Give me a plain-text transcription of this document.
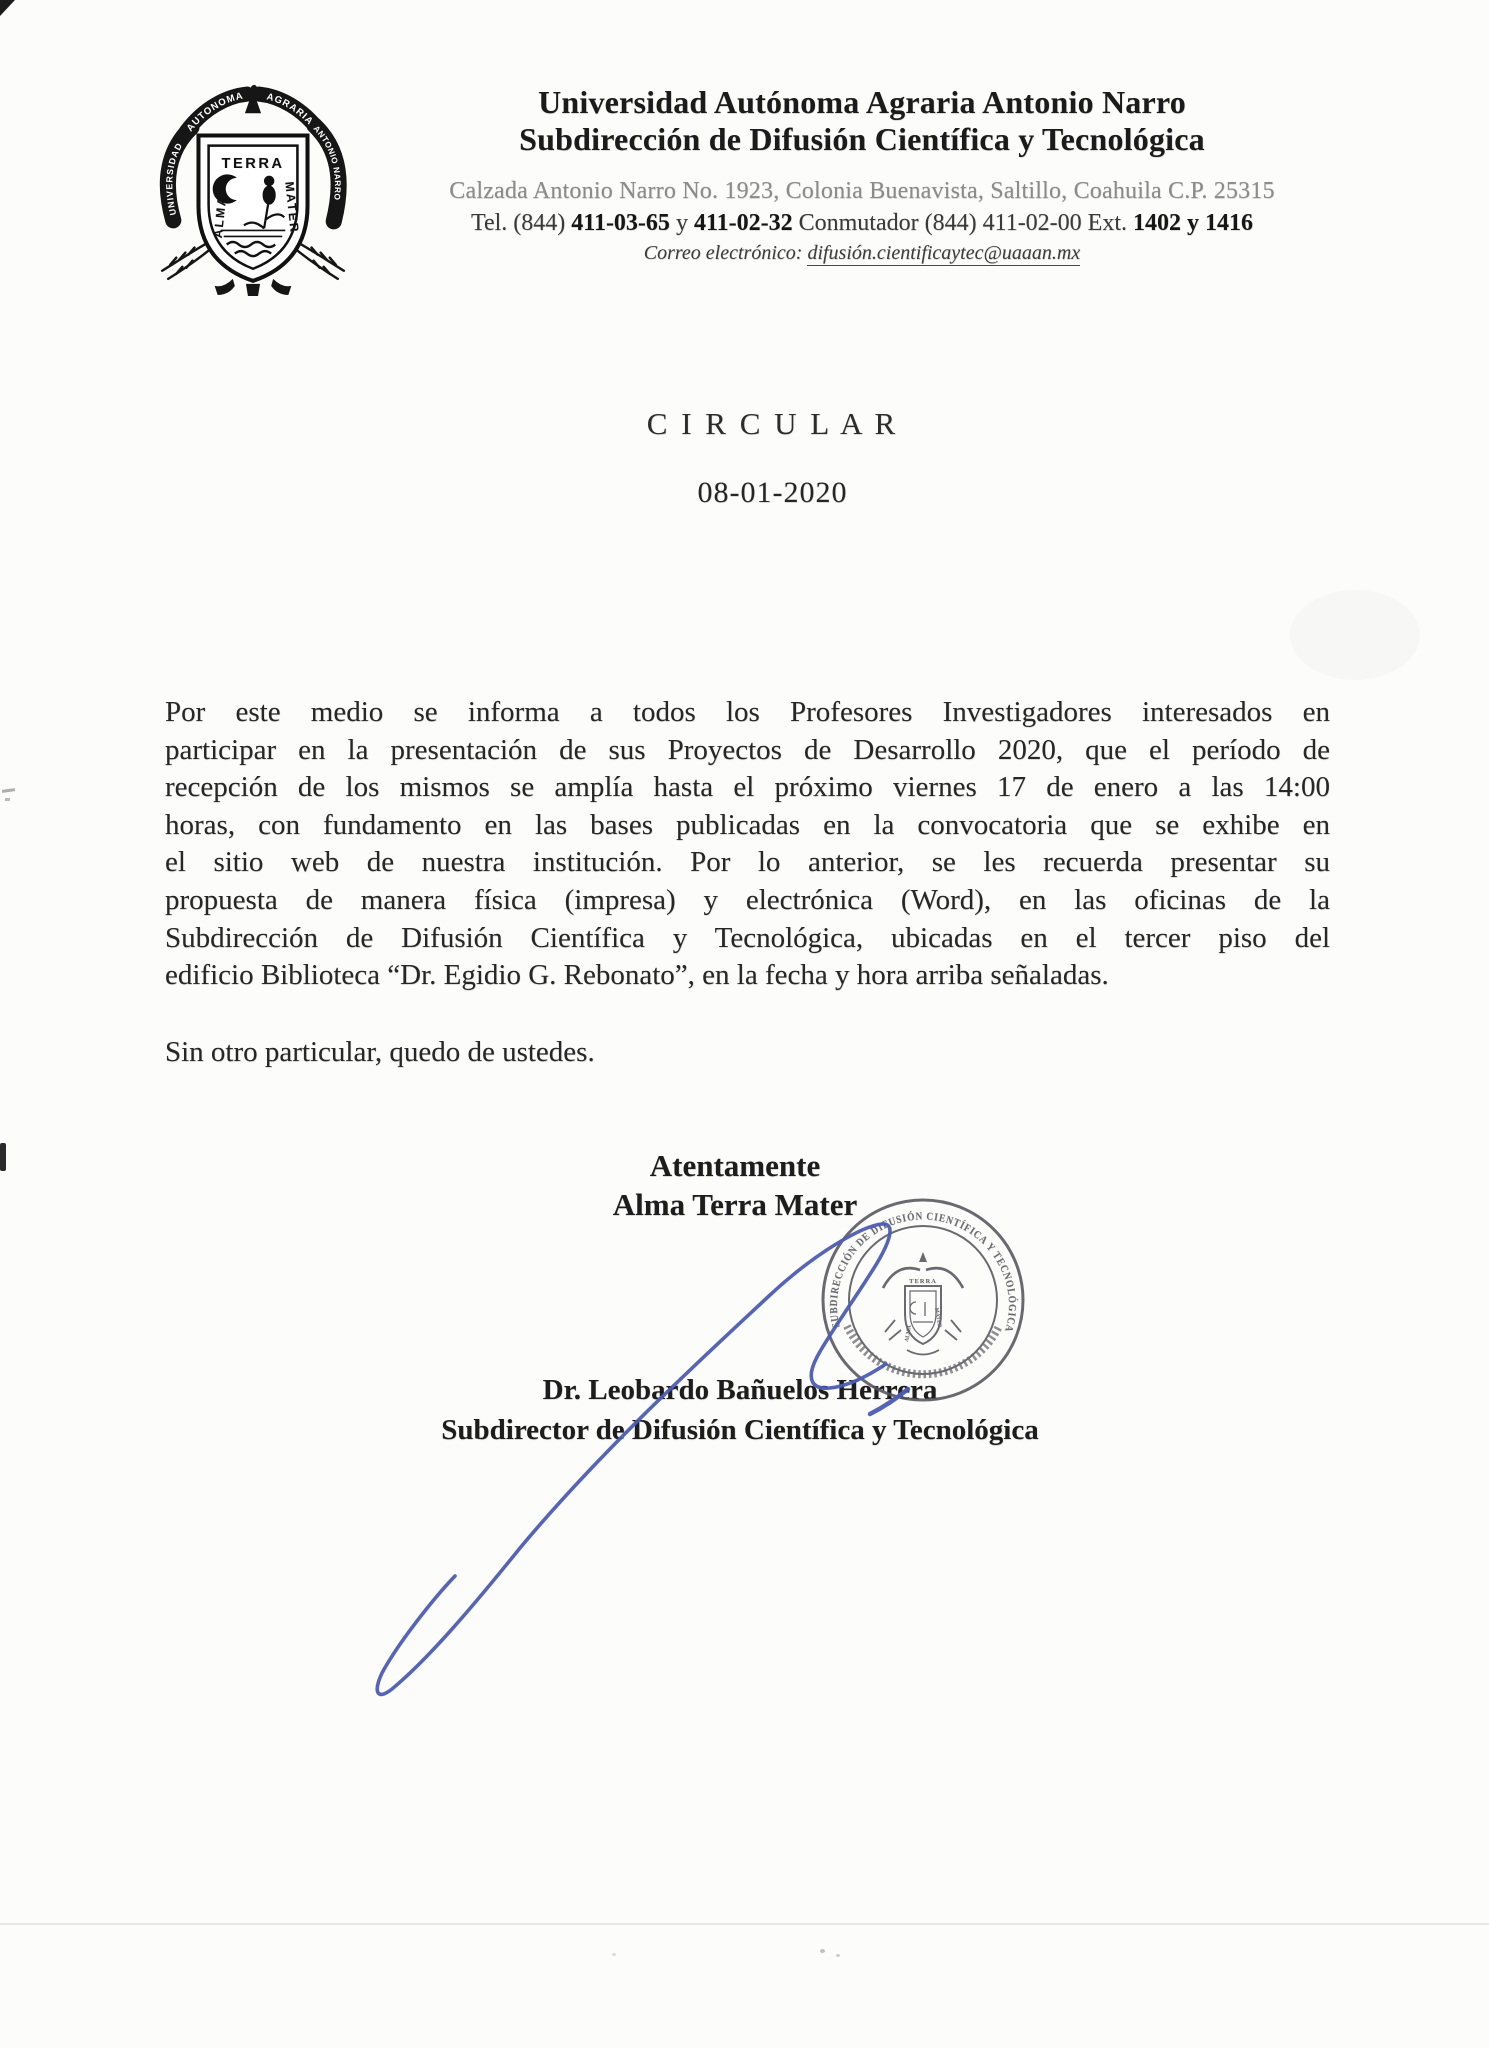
TERRA
ALMA	MATER
AUTONOMA AGRARIA
UNIVERSIDAD
ANTONIO NARRO
Universidad Autónoma Agraria Antonio Narro
Subdirección de Difusión Científica y Tecnológica
Calzada Antonio Narro No. 1923, Colonia Buenavista, Saltillo, Coahuila C.P. 25315
Tel. (844) 411-03-65 y 411-02-32 Conmutador (844) 411-02-00 Ext. 1402 y 1416
Correo electrónico: difusión.cientificaytec@uaaan.mx
C I R C U L A R
08-01-2020
Por este medio se informa a todos los Profesores Investigadores interesados en
participar en la presentación de sus Proyectos de Desarrollo 2020, que el período de
recepción de los mismos se amplía hasta el próximo viernes 17 de enero a las 14:00
horas, con fundamento en las bases publicadas en la convocatoria que se exhibe en
el sitio web de nuestra institución. Por lo anterior, se les recuerda presentar su
propuesta de manera física (impresa) y electrónica (Word), en las oficinas de la
Subdirección de Difusión Científica y Tecnológica, ubicadas en el tercer piso del
edificio Biblioteca “Dr. Egidio G. Rebonato”, en la fecha y hora arriba señaladas.
Sin otro particular, quedo de ustedes.
Atentamente
Alma Terra Mater
Dr. Leobardo Bañuelos Herrera
Subdirector de Difusión Científica y Tecnológica
SUBDIRECCIÓN DE DIFUSIÓN CIENTÍFICA Y TECNOLÓGICA
TERRA
ALMA
MATER
